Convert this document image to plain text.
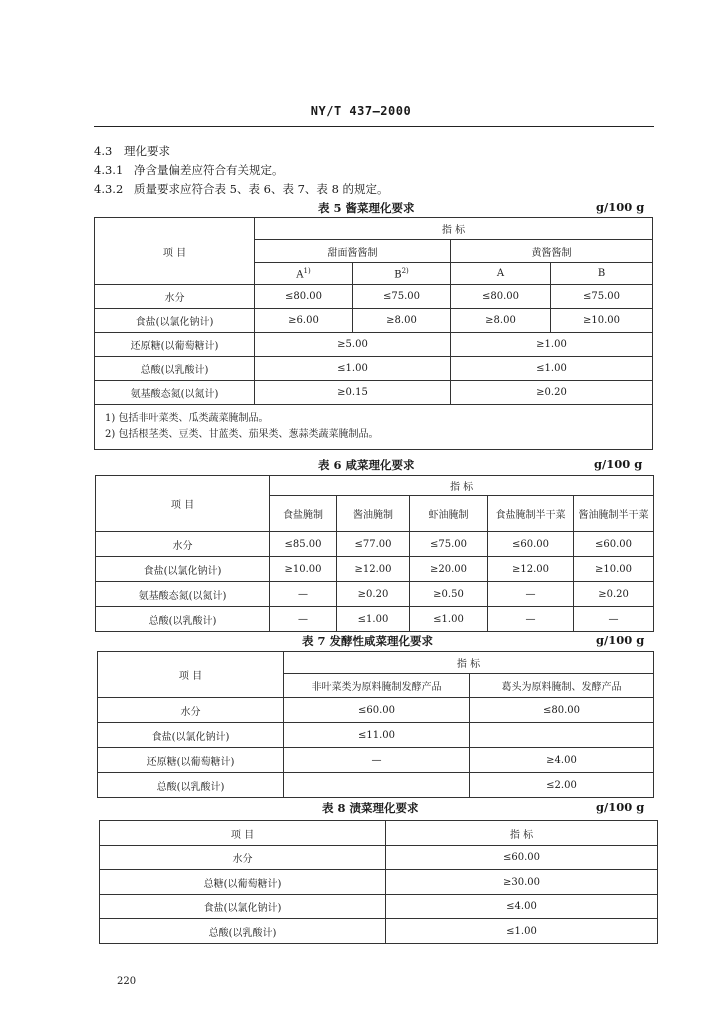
NY/T 437—2000
4.3 理化要求
4.3.1 净含量偏差应符合有关规定。
4.3.2 质量要求应符合表 5、表 6、表 7、表 8 的规定。
表 5 酱菜理化要求	g/100 g
项 目	指 标			
	甜面酱酱制		黄酱酱制	
	$A^{1)}$	$B^{2)}$	A	B
水分	≤80.00	≤75.00	≤80.00	≤75.00
食盐(以氯化钠计)	≥6.00	≥8.00	≥8.00	≥10.00
还原糖(以葡萄糖计)	≥5.00		≥1.00	
总酸(以乳酸计)	≤1.00		≤1.00	
氨基酸态氮(以氮计)	≥0.15		≥0.20	

1) 包括非叶菜类、瓜类蔬菜腌制品。
2) 包括根茎类、豆类、甘蓝类、茄果类、葱蒜类蔬菜腌制品。				
表 6 咸菜理化要求	g/100 g
项 目	指 标				
	食盐腌制	酱油腌制	虾油腌制	食盐腌制半干菜	酱油腌制半干菜
水分	≤85.00	≤77.00	≤75.00	≤60.00	≤60.00
食盐(以氯化钠计)	≥10.00	≥12.00	≥20.00	≥12.00	≥10.00
氨基酸态氮(以氮计)	—	≥0.20	≥0.50	—	≥0.20
总酸(以乳酸计)	—	≤1.00	≤1.00	—	—
表 7 发酵性咸菜理化要求	g/100 g
项 目	指 标	
	非叶菜类为原料腌制发酵产品	葛头为原料腌制、发酵产品
水分	≤60.00	≤80.00
食盐(以氯化钠计)	≤11.00	
还原糖(以葡萄糖计)	—	≥4.00
总酸(以乳酸计)		≤2.00
表 8 渍菜理化要求	g/100 g
项 目	指 标
水分	≤60.00
总糖(以葡萄糖计)	≥30.00
食盐(以氯化钠计)	≤4.00
总酸(以乳酸计)	≤1.00
220
